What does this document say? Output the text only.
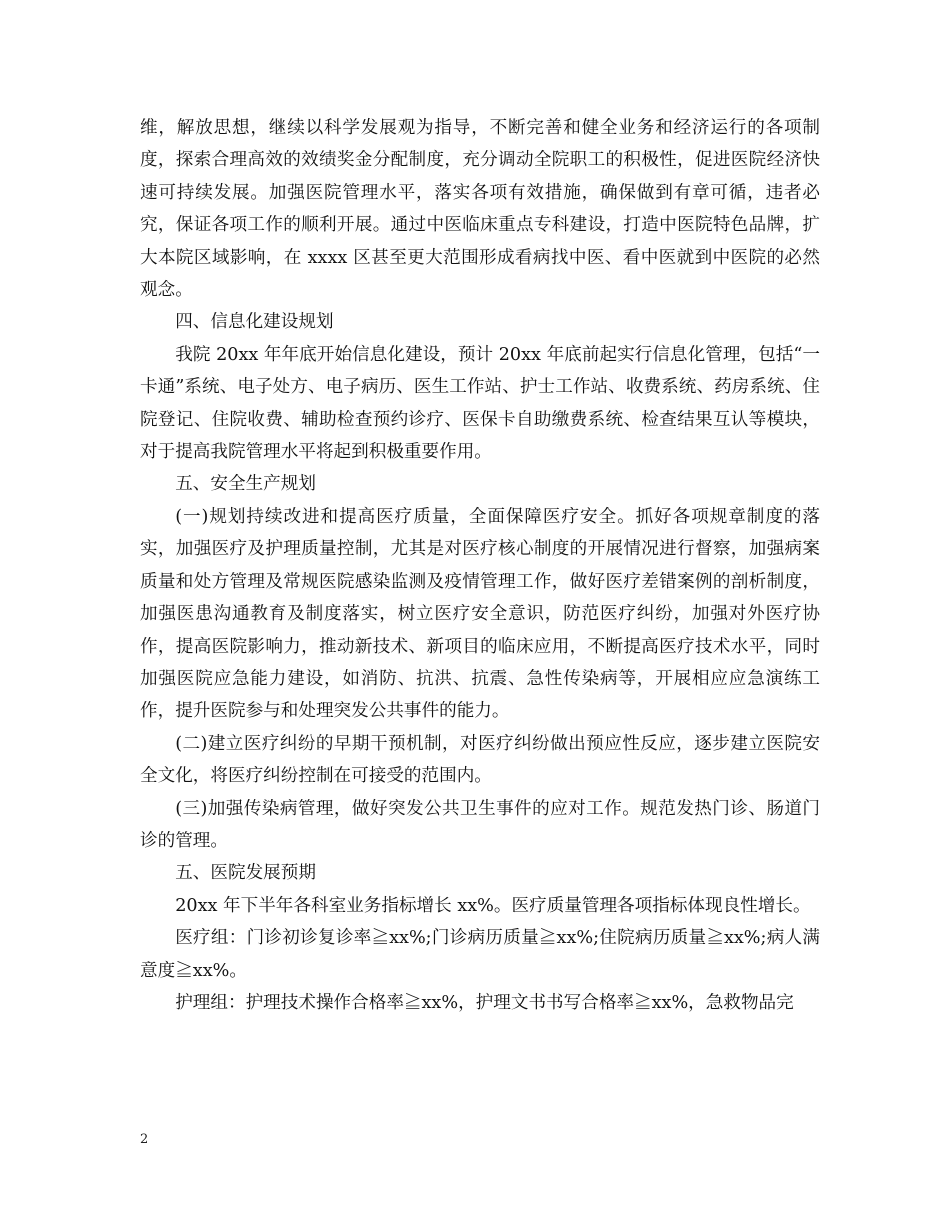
维，解放思想，继续以科学发展观为指导，不断完善和健全业务和经济运行的各项制度，探索合理高效的效绩奖金分配制度，充分调动全院职工的积极性，促进医院经济快速可持续发展。加强医院管理水平，落实各项有效措施，确保做到有章可循，违者必究，保证各项工作的顺利开展。通过中医临床重点专科建设，打造中医院特色品牌，扩大本院区域影响，在 xxxx 区甚至更大范围形成看病找中医、看中医就到中医院的必然观念。

四、信息化建设规划

我院 20xx 年年底开始信息化建设，预计 20xx 年底前起实行信息化管理，包括“一卡通”系统、电子处方、电子病历、医生工作站、护士工作站、收费系统、药房系统、住院登记、住院收费、辅助检查预约诊疗、医保卡自助缴费系统、检查结果互认等模块，对于提高我院管理水平将起到积极重要作用。

五、安全生产规划

(一)规划持续改进和提高医疗质量，全面保障医疗安全。抓好各项规章制度的落实，加强医疗及护理质量控制，尤其是对医疗核心制度的开展情况进行督察，加强病案质量和处方管理及常规医院感染监测及疫情管理工作，做好医疗差错案例的剖析制度，加强医患沟通教育及制度落实，树立医疗安全意识，防范医疗纠纷，加强对外医疗协作，提高医院影响力，推动新技术、新项目的临床应用，不断提高医疗技术水平，同时加强医院应急能力建设，如消防、抗洪、抗震、急性传染病等，开展相应应急演练工作，提升医院参与和处理突发公共事件的能力。

(二)建立医疗纠纷的早期干预机制，对医疗纠纷做出预应性反应，逐步建立医院安全文化，将医疗纠纷控制在可接受的范围内。

(三)加强传染病管理，做好突发公共卫生事件的应对工作。规范发热门诊、肠道门诊的管理。

五、医院发展预期

20xx 年下半年各科室业务指标增长 xx%。医疗质量管理各项指标体现良性增长。

医疗组：门诊初诊复诊率≧xx%;门诊病历质量≧xx%;住院病历质量≧xx%;病人满意度≧xx%。

护理组：护理技术操作合格率≧xx%，护理文书书写合格率≧xx%，急救物品完

2
